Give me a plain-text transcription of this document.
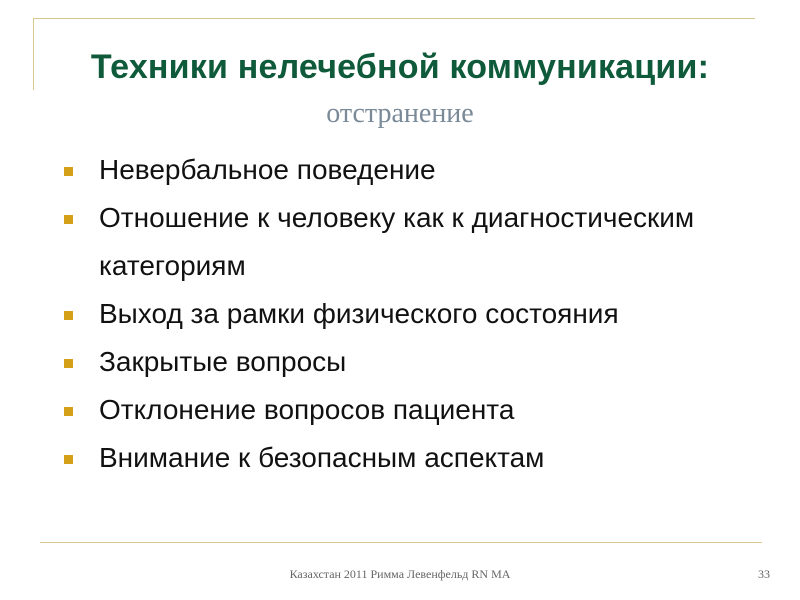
Техники нелечебной коммуникации:
отстранение
Невербальное поведение
Отношение к человеку как к диагностическим категориям
Выход за рамки физического состояния
Закрытые вопросы
Отклонение вопросов пациента
Внимание к безопасным аспектам
Казахстан 2011 Римма Левенфельд RN MA	33
